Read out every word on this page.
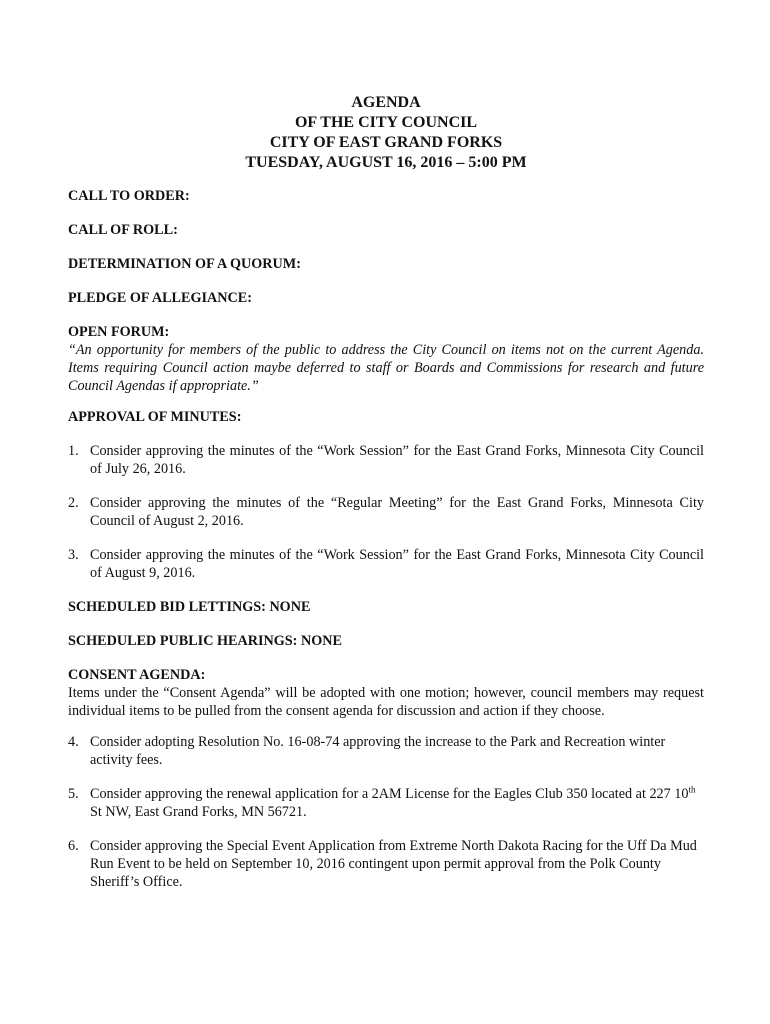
AGENDA
OF THE CITY COUNCIL
CITY OF EAST GRAND FORKS
TUESDAY, AUGUST 16, 2016 – 5:00 PM
CALL TO ORDER:
CALL OF ROLL:
DETERMINATION OF A QUORUM:
PLEDGE OF ALLEGIANCE:
OPEN FORUM:
“An opportunity for members of the public to address the City Council on items not on the current Agenda. Items requiring Council action maybe deferred to staff or Boards and Commissions for research and future Council Agendas if appropriate.”
APPROVAL OF MINUTES:
1. Consider approving the minutes of the “Work Session” for the East Grand Forks, Minnesota City Council of July 26, 2016.
2. Consider approving the minutes of the “Regular Meeting” for the East Grand Forks, Minnesota City Council of August 2, 2016.
3. Consider approving the minutes of the “Work Session” for the East Grand Forks, Minnesota City Council of August 9, 2016.
SCHEDULED BID LETTINGS: NONE
SCHEDULED PUBLIC HEARINGS: NONE
CONSENT AGENDA:
Items under the “Consent Agenda” will be adopted with one motion; however, council members may request individual items to be pulled from the consent agenda for discussion and action if they choose.
4. Consider adopting Resolution No. 16-08-74 approving the increase to the Park and Recreation winter activity fees.
5. Consider approving the renewal application for a 2AM License for the Eagles Club 350 located at 227 10th St NW, East Grand Forks, MN 56721.
6. Consider approving the Special Event Application from Extreme North Dakota Racing for the Uff Da Mud Run Event to be held on September 10, 2016 contingent upon permit approval from the Polk County Sheriff’s Office.
